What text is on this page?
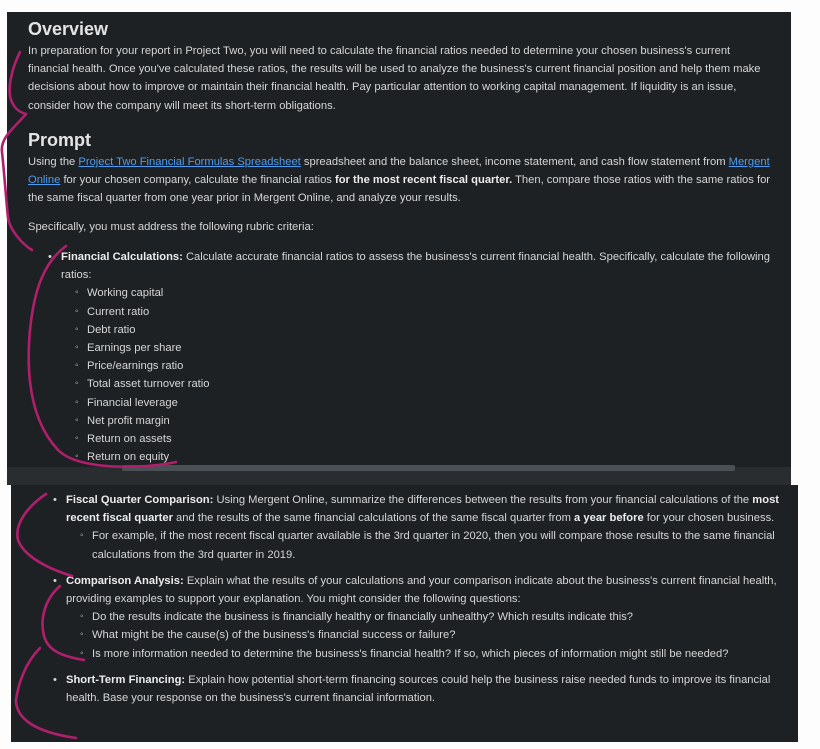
Overview

In preparation for your report in Project Two, you will need to calculate the financial ratios needed to determine your chosen business's current financial health. Once you've calculated these ratios, the results will be used to analyze the business's current financial position and help them make decisions about how to improve or maintain their financial health. Pay particular attention to working capital management. If liquidity is an issue, consider how the company will meet its short-term obligations.

Prompt

Using the Project Two Financial Formulas Spreadsheet spreadsheet and the balance sheet, income statement, and cash flow statement from Mergent Online for your chosen company, calculate the financial ratios for the most recent fiscal quarter. Then, compare those ratios with the same ratios for the same fiscal quarter from one year prior in Mergent Online, and analyze your results.

Specifically, you must address the following rubric criteria:

• Financial Calculations: Calculate accurate financial ratios to assess the business's current financial health. Specifically, calculate the following ratios:
◦ Working capital
◦ Current ratio
◦ Debt ratio
◦ Earnings per share
◦ Price/earnings ratio
◦ Total asset turnover ratio
◦ Financial leverage
◦ Net profit margin
◦ Return on assets
◦ Return on equity
• Fiscal Quarter Comparison: Using Mergent Online, summarize the differences between the results from your financial calculations of the most recent fiscal quarter and the results of the same financial calculations of the same fiscal quarter from a year before for your chosen business.
◦ For example, if the most recent fiscal quarter available is the 3rd quarter in 2020, then you will compare those results to the same financial calculations from the 3rd quarter in 2019.
• Comparison Analysis: Explain what the results of your calculations and your comparison indicate about the business's current financial health, providing examples to support your explanation. You might consider the following questions:
◦ Do the results indicate the business is financially healthy or financially unhealthy? Which results indicate this?
◦ What might be the cause(s) of the business's financial success or failure?
◦ Is more information needed to determine the business's financial health? If so, which pieces of information might still be needed?
• Short-Term Financing: Explain how potential short-term financing sources could help the business raise needed funds to improve its financial health. Base your response on the business's current financial information.
